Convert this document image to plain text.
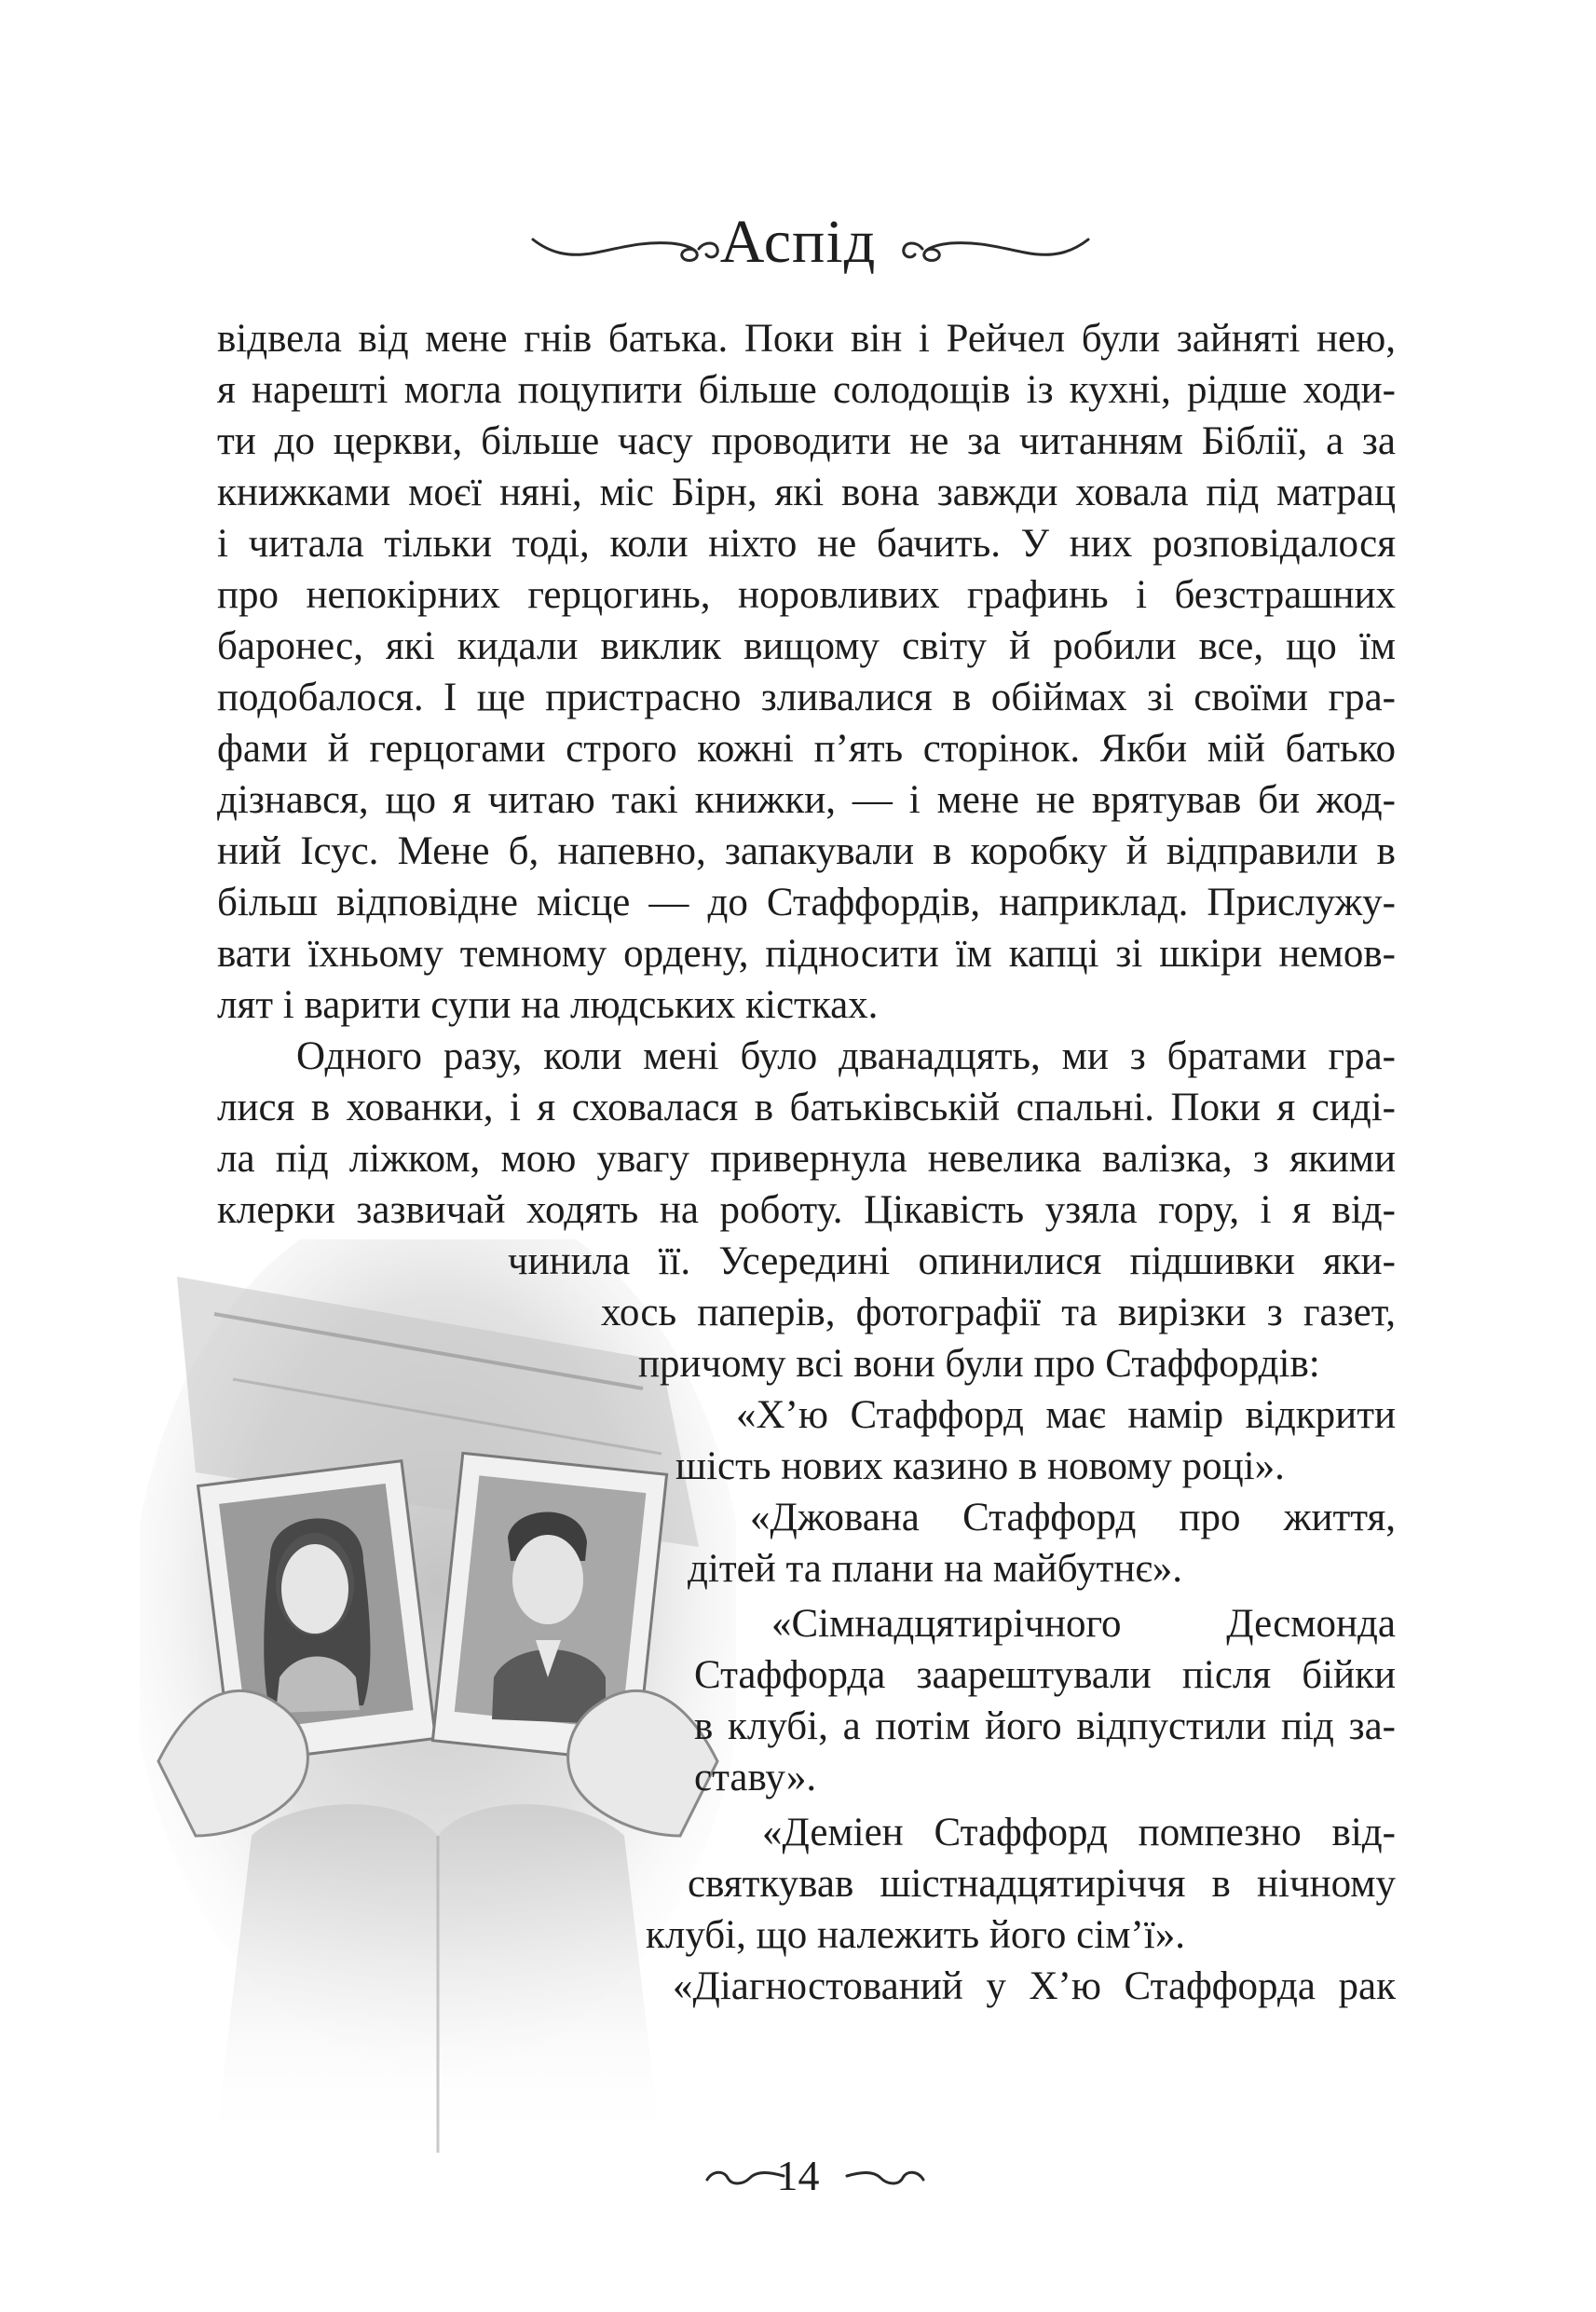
Аспід
відвела від мене гнів батька. Поки він і Рейчел були зайняті нею,
я нарешті могла поцупити більше солодощів із кухні, рідше ходи-
ти до церкви, більше часу проводити не за читанням Біблії, а за
книжками моєї няні, міс Бірн, які вона завжди ховала під матрац
і читала тільки тоді, коли ніхто не бачить. У них розповідалося
про непокірних герцогинь, норовливих графинь і безстрашних
баронес, які кидали виклик вищому світу й робили все, що їм
подобалося. І ще пристрасно зливалися в обіймах зі своїми гра-
фами й герцогами строго кожні п’ять сторінок. Якби мій батько
дізнався, що я читаю такі книжки, — і мене не врятував би жод-
ний Ісус. Мене б, напевно, запакували в коробку й відправили в
більш відповідне місце — до Стаффордів, наприклад. Прислужу-
вати їхньому темному ордену, підносити їм капці зі шкіри немов-
лят і варити супи на людських кістках.
Одного разу, коли мені було дванадцять, ми з братами гра-
лися в хованки, і я сховалася в батьківській спальні. Поки я сиді-
ла під ліжком, мою увагу привернула невелика валізка, з якими
клерки зазвичай ходять на роботу. Цікавість узяла гору, і я від-
чинила її. Усередині опинилися підшивки яки-
хось паперів, фотографії та вирізки з газет,
причому всі вони були про Стаффордів:
«Х’ю Стаффорд має намір відкрити
шість нових казино в новому році».
«Джована Стаффорд про життя,
дітей та плани на майбутнє».
«Сімнадцятирічного Десмонда
Стаффорда заарештували після бійки
в клубі, а потім його відпустили під за-
ставу».
«Деміен Стаффорд помпезно від-
святкував шістнадцятиріччя в нічному
клубі, що належить його сім’ї».
«Діагностований у Х’ю Стаффорда рак
14
